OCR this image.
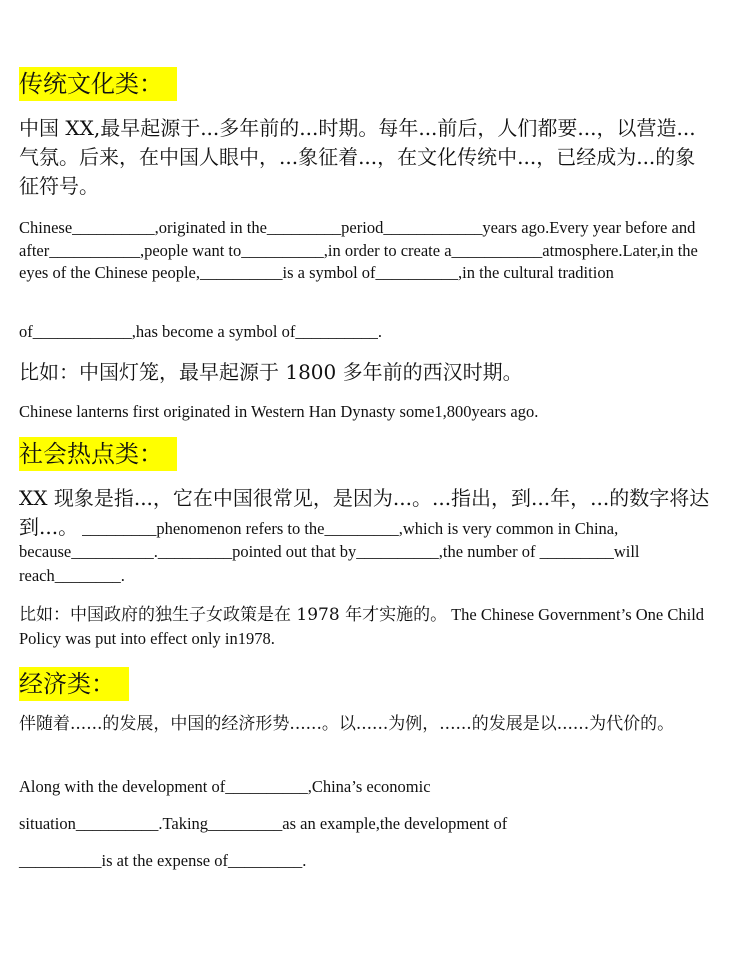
传统文化类：

中国 XX,最早起源于...多年前的...时期。每年...前后，人们都要...，以营造...气氛。后来，在中国人眼中，...象征着...，在文化传统中...，已经成为...的象征符号。

Chinese__________,originated in the_________period____________years ago.Every year before and after___________,people want to__________,in order to create a___________atmosphere.Later,in the eyes of the Chinese people,__________is a symbol of__________,in the cultural tradition

of____________,has become a symbol of__________.

比如：中国灯笼，最早起源于 1800 多年前的西汉时期。

Chinese lanterns first originated in Western Han Dynasty some1,800years ago.

社会热点类：

XX 现象是指...，它在中国很常见，是因为...。...指出，到...年，...的数字将达到...。 _________phenomenon refers to the_________,which is very common in China, because__________._________pointed out that by__________,the number of _________will reach________.

比如：中国政府的独生子女政策是在 1978 年才实施的。 The Chinese Government’s One Child Policy was put into effect only in1978.
经济类：

伴随着......的发展，中国的经济形势......。以......为例，......的发展是以......为代价的。

Along with the development of__________,China’s economic

situation__________.Taking_________as an example,the development of

__________is at the expense of_________.
